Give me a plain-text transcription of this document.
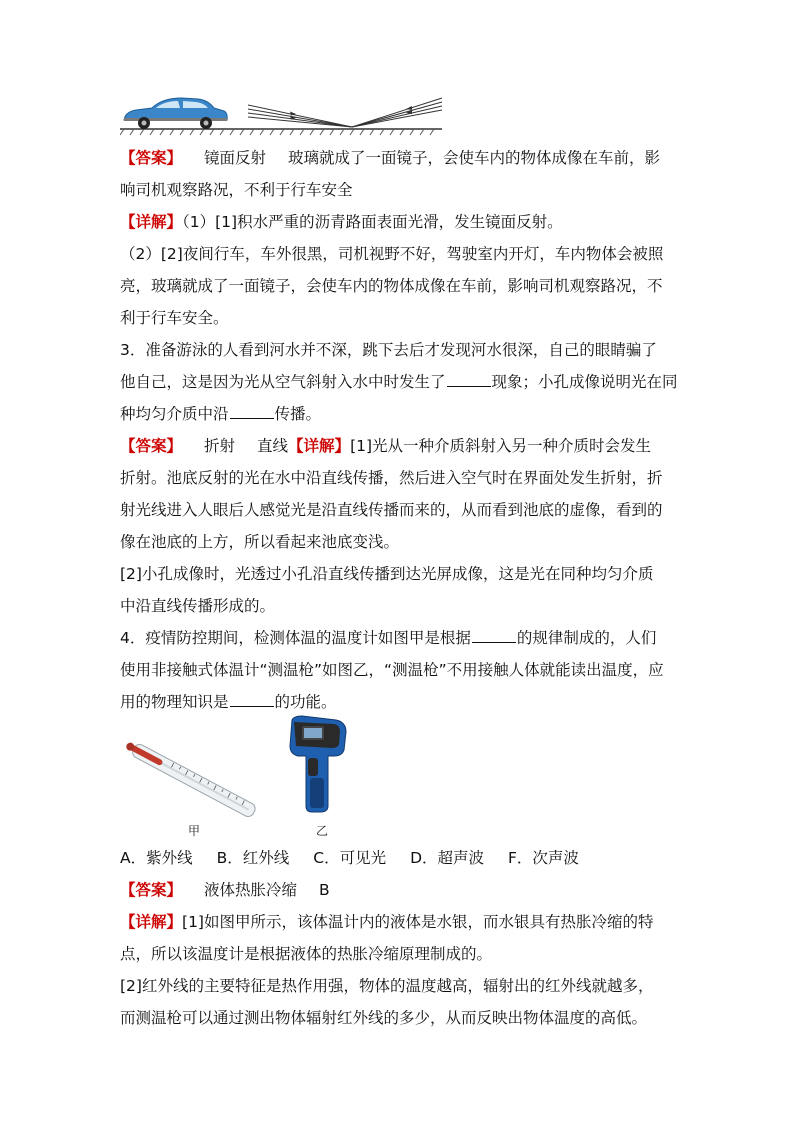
【答案】 镜面反射 玻璃就成了一面镜子，会使车内的物体成像在车前，影
响司机观察路况，不利于行车安全
【详解】（1）[1]积水严重的沥青路面表面光滑，发生镜面反射。
（2）[2]夜间行车，车外很黑，司机视野不好，驾驶室内开灯，车内物体会被照
亮，玻璃就成了一面镜子，会使车内的物体成像在车前，影响司机观察路况，不
利于行车安全。
3．准备游泳的人看到河水并不深，跳下去后才发现河水很深，自己的眼睛骗了
他自己，这是因为光从空气斜射入水中时发生了	现象；小孔成像说明光在同
种均匀介质中沿	传播。
【答案】 折射 直线【详解】[1]光从一种介质斜射入另一种介质时会发生
折射。池底反射的光在水中沿直线传播，然后进入空气时在界面处发生折射，折
射光线进入人眼后人感觉光是沿直线传播而来的，从而看到池底的虚像，看到的
像在池底的上方，所以看起来池底变浅。
[2]小孔成像时，光透过小孔沿直线传播到达光屏成像，这是光在同种均匀介质
中沿直线传播形成的。
4．疫情防控期间，检测体温的温度计如图甲是根据	的规律制成的，人们
使用非接触式体温计“测温枪”如图乙，“测温枪”不用接触人体就能读出温度，应
用的物理知识是	的功能。
甲	乙
A．紫外线 B．红外线 C．可见光 D．超声波 F．次声波
【答案】 液体热胀冷缩 B
【详解】[1]如图甲所示，该体温计内的液体是水银，而水银具有热胀冷缩的特
点，所以该温度计是根据液体的热胀冷缩原理制成的。
[2]红外线的主要特征是热作用强，物体的温度越高，辐射出的红外线就越多，
而测温枪可以通过测出物体辐射红外线的多少，从而反映出物体温度的高低。
